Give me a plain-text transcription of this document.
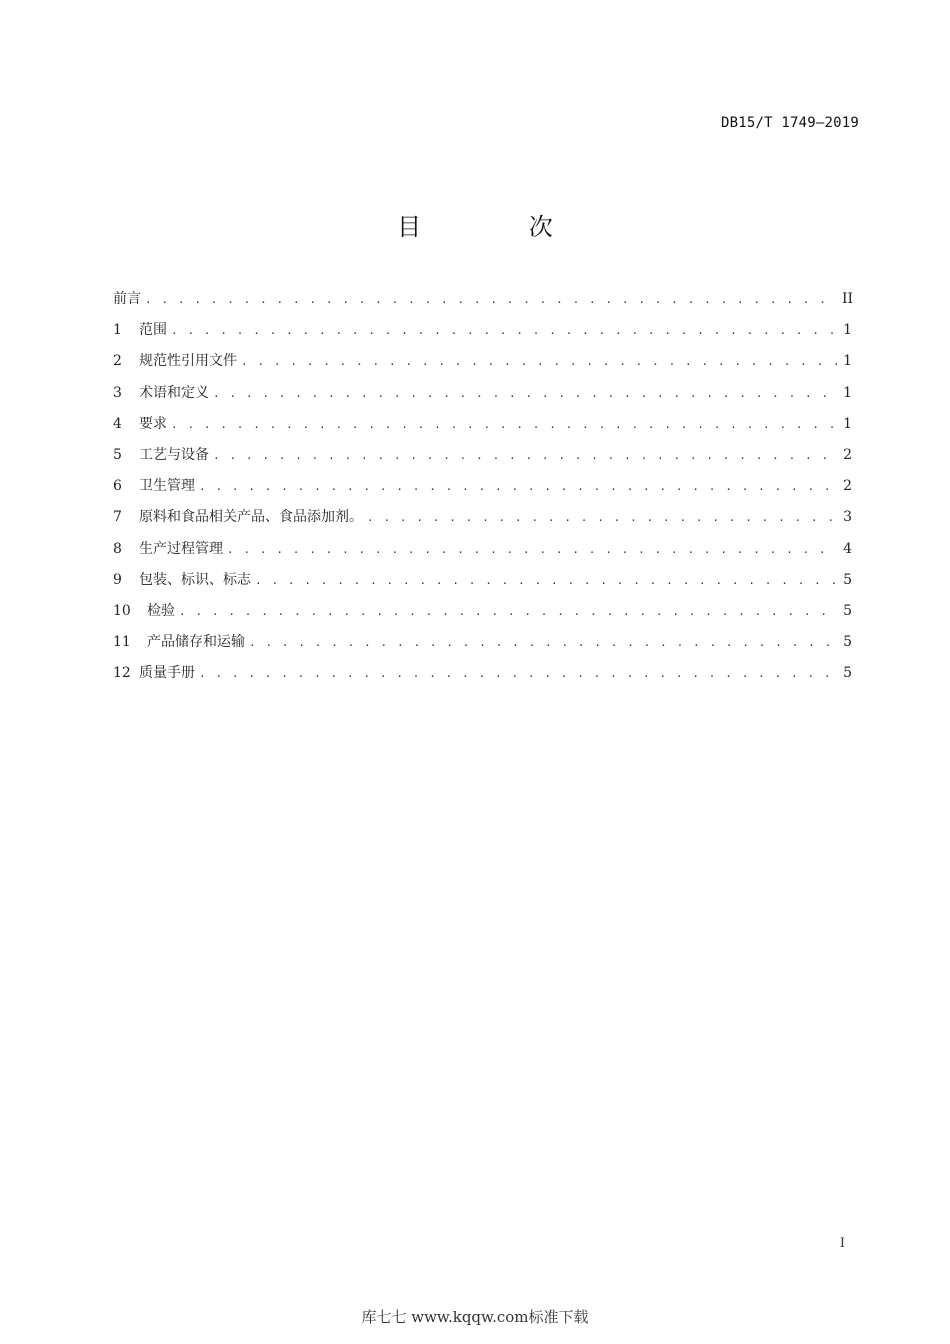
DB15/T 1749—2019
目 次
前言 . . .	II
1	范围 . . .	1
2	规范性引用文件 . . .	1
3	术语和定义 . . .	1
4	要求 . . .	1
5	工艺与设备 . . .	2
6	卫生管理 . . .	2
7	原料和食品相关产品、食品添加剂。 . . .	3
8	生产过程管理 . . .	4
9	包装、标识、标志 . . .	5
10	检验 . . .	5
11	产品储存和运输 . . .	5
12 质量手册 . . .	5
I
库七七 www.kqqw.com标准下载
